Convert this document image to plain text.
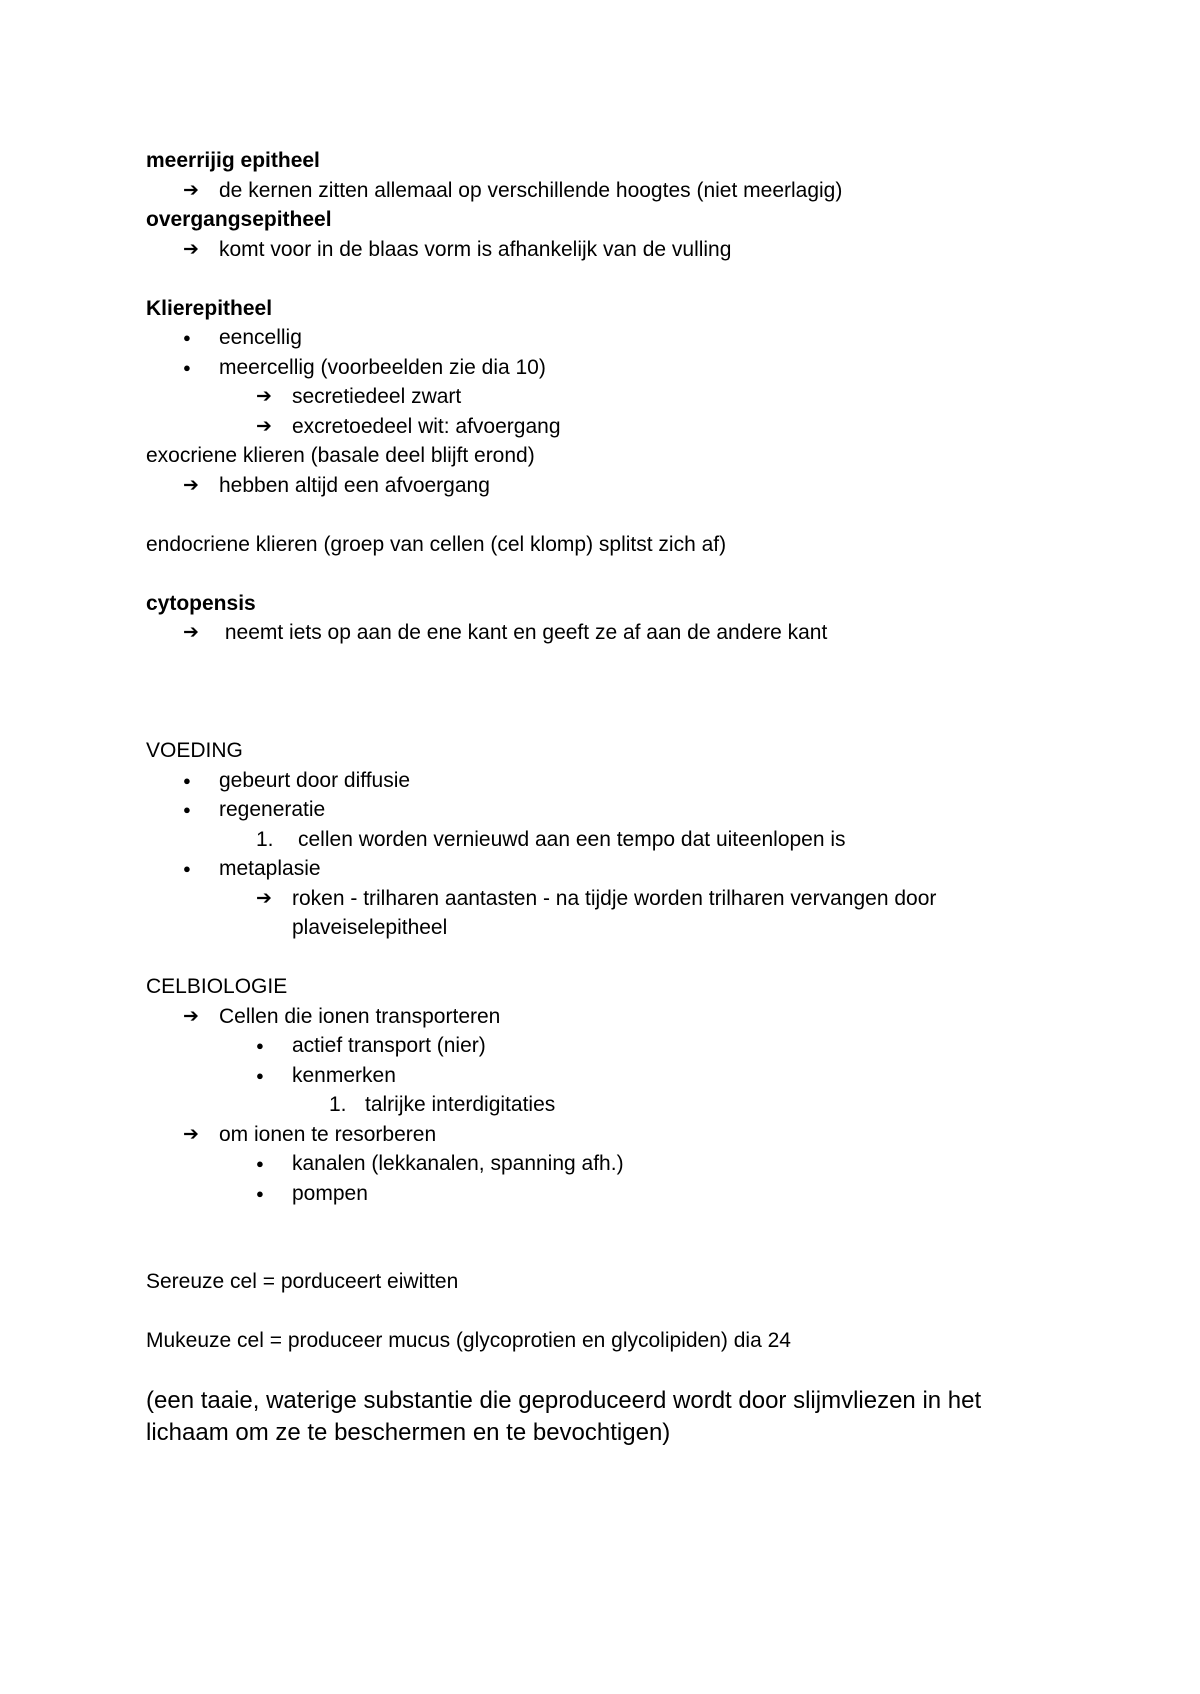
meerrijig epitheel
➔ de kernen zitten allemaal op verschillende hoogtes (niet meerlagig)
overgangsepitheel
➔ komt voor in de blaas vorm is afhankelijk van de vulling
Klierepitheel
● eencellig
● meercellig (voorbeelden zie dia 10)
➔ secretiedeel zwart
➔ excretoedeel wit: afvoergang
exocriene klieren (basale deel blijft erond)
➔ hebben altijd een afvoergang
endocriene klieren (groep van cellen (cel klomp) splitst zich af)
cytopensis
➔ neemt iets op aan de ene kant en geeft ze af aan de andere kant
VOEDING
● gebeurt door diffusie
● regeneratie
1. cellen worden vernieuwd aan een tempo dat uiteenlopen is
● metaplasie
➔ roken - trilharen aantasten - na tijdje worden trilharen vervangen door
plaveiselepitheel
CELBIOLOGIE
➔ Cellen die ionen transporteren
● actief transport (nier)
● kenmerken
1. talrijke interdigitaties
➔ om ionen te resorberen
● kanalen (lekkanalen, spanning afh.)
● pompen
Sereuze cel = porduceert eiwitten
Mukeuze cel = produceer mucus (glycoprotien en glycolipiden) dia 24
(een taaie, waterige substantie die geproduceerd wordt door slijmvliezen in het
lichaam om ze te beschermen en te bevochtigen)
